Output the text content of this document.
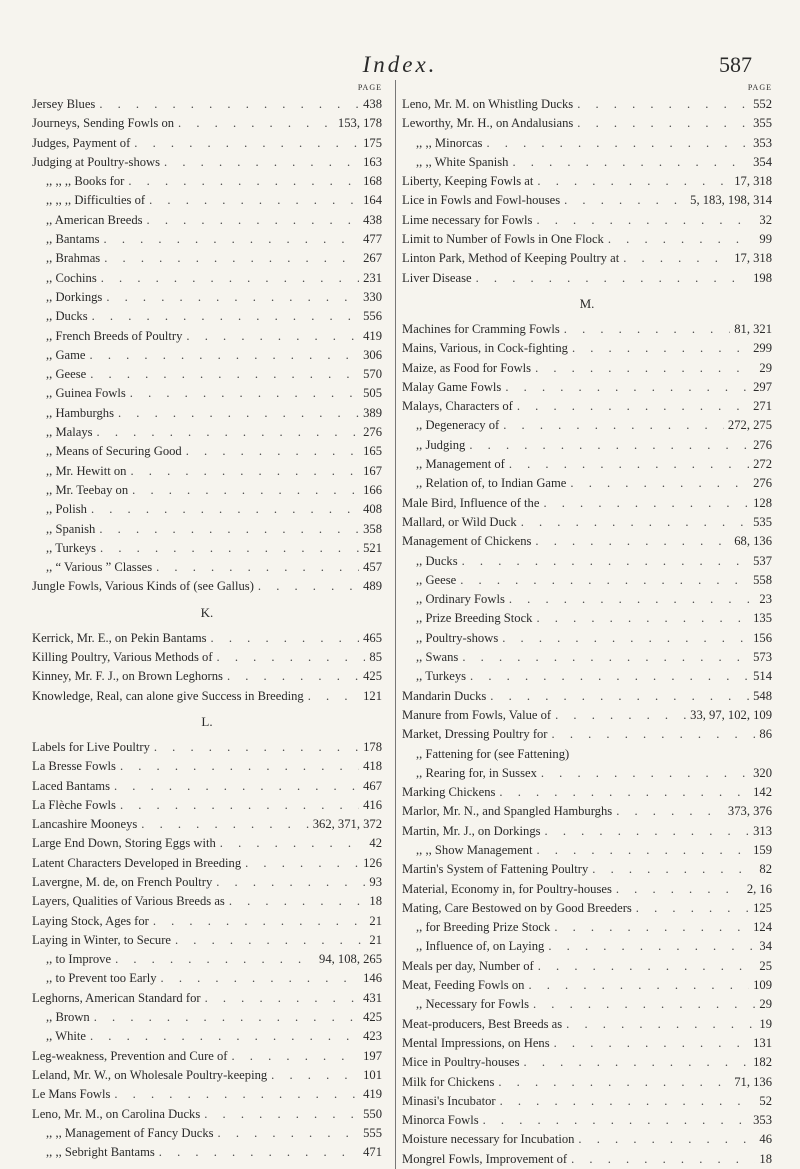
Index.	587
PAGE
Jersey Blues . . .	438
Journeys, Sending Fowls on . . .	153, 178
Judges, Payment of . . .	175
Judging at Poultry-shows . . .	163
,, ,, ,, Books for . . .	168
,, ,, ,, Difficulties of . . .	164
,, American Breeds . . .	438
,, Bantams . . .	477
,, Brahmas . . .	267
,, Cochins . . .	231
,, Dorkings . . .	330
,, Ducks . . .	556
,, French Breeds of Poultry . . .	419
,, Game . . .	306
,, Geese . . .	570
,, Guinea Fowls . . .	505
,, Hamburghs . . .	389
,, Malays . . .	276
,, Means of Securing Good . . .	165
,, Mr. Hewitt on . . .	167
,, Mr. Teebay on . . .	166
,, Polish . . .	408
,, Spanish . . .	358
,, Turkeys . . .	521
,, “ Various ” Classes . . .	457
Jungle Fowls, Various Kinds of (see Gallus) . . .	489
K.
Kerrick, Mr. E., on Pekin Bantams . . .	465
Killing Poultry, Various Methods of . . .	85
Kinney, Mr. F. J., on Brown Leghorns . . .	425
Knowledge, Real, can alone give Success in Breeding . . .	121
L.
Labels for Live Poultry . . .	178
La Bresse Fowls . . .	418
Laced Bantams . . .	467
La Flèche Fowls . . .	416
Lancashire Mooneys . . .	362, 371, 372
Large End Down, Storing Eggs with . . .	42
Latent Characters Developed in Breeding . . .	126
Lavergne, M. de, on French Poultry . . .	93
Layers, Qualities of Various Breeds as . . .	18
Laying Stock, Ages for . . .	21
Laying in Winter, to Secure . . .	21
,, to Improve . . .	94, 108, 265
,, to Prevent too Early . . .	146
Leghorns, American Standard for . . .	431
,, Brown . . .	425
,, White . . .	423
Leg-weakness, Prevention and Cure of . . .	197
Leland, Mr. W., on Wholesale Poultry-keeping . . .	101
Le Mans Fowls . . .	419
Leno, Mr. M., on Carolina Ducks . . .	550
,, ,, Management of Fancy Ducks . . .	555
,, ,, Sebright Bantams . . .	471
PAGE
Leno, Mr. M. on Whistling Ducks . . .	552
Leworthy, Mr. H., on Andalusians . . .	355
,, ,, Minorcas . . .	353
,, ,, White Spanish . . .	354
Liberty, Keeping Fowls at . . .	17, 318
Lice in Fowls and Fowl-houses . . .	5, 183, 198, 314
Lime necessary for Fowls . . .	32
Limit to Number of Fowls in One Flock . . .	99
Linton Park, Method of Keeping Poultry at . . .	17, 318
Liver Disease . . .	198
M.
Machines for Cramming Fowls . . .	81, 321
Mains, Various, in Cock-fighting . . .	299
Maize, as Food for Fowls . . .	29
Malay Game Fowls . . .	297
Malays, Characters of . . .	271
,, Degeneracy of . . .	272, 275
,, Judging . . .	276
,, Management of . . .	272
,, Relation of, to Indian Game . . .	276
Male Bird, Influence of the . . .	128
Mallard, or Wild Duck . . .	535
Management of Chickens . . .	68, 136
,, Ducks . . .	537
,, Geese . . .	558
,, Ordinary Fowls . . .	23
,, Prize Breeding Stock . . .	135
,, Poultry-shows . . .	156
,, Swans . . .	573
,, Turkeys . . .	514
Mandarin Ducks . . .	548
Manure from Fowls, Value of . . .	33, 97, 102, 109
Market, Dressing Poultry for . . .	86
,, Fattening for (see Fattening)
,, Rearing for, in Sussex . . .	320
Marking Chickens . . .	142
Marlor, Mr. N., and Spangled Hamburghs . . .	373, 376
Martin, Mr. J., on Dorkings . . .	313
,, ,, Show Management . . .	159
Martin's System of Fattening Poultry . . .	82
Material, Economy in, for Poultry-houses . . .	2, 16
Mating, Care Bestowed on by Good Breeders . . .	125
,, for Breeding Prize Stock . . .	124
,, Influence of, on Laying . . .	34
Meals per day, Number of . . .	25
Meat, Feeding Fowls on . . .	109
,, Necessary for Fowls . . .	29
Meat-producers, Best Breeds as . . .	19
Mental Impressions, on Hens . . .	131
Mice in Poultry-houses . . .	182
Milk for Chickens . . .	71, 136
Minasi's Incubator . . .	52
Minorca Fowls . . .	353
Moisture necessary for Incubation . . .	46
Mongrel Fowls, Improvement of . . .	18
